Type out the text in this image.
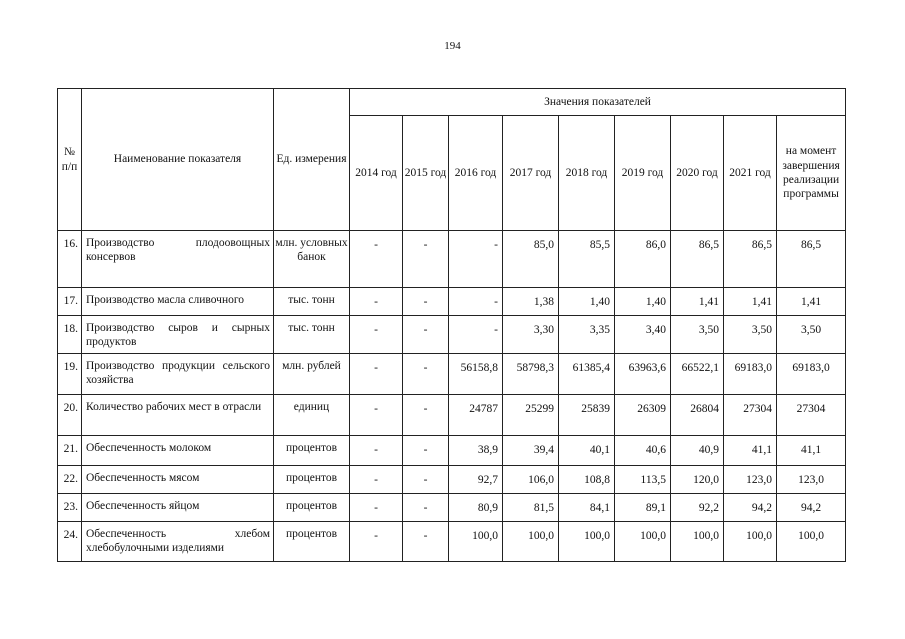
194
№ п/п	Наименование показателя	Ед. измерения	Значения показателей								
			2014 год	2015 год	2016 год	2017 год	2018 год	2019 год	2020 год	2021 год	на момент завершения реализации программы
16.	Производство плодоовощных консервов	млн. условных банок	-	-	-	85,0	85,5	86,0	86,5	86,5	86,5
17.	Производство масла сливочного	тыс. тонн	-	-	-	1,38	1,40	1,40	1,41	1,41	1,41
18.	Производство сыров и сырных продуктов	тыс. тонн	-	-	-	3,30	3,35	3,40	3,50	3,50	3,50
19.	Производство продукции сельского хозяйства	млн. рублей	-	-	56158,8	58798,3	61385,4	63963,6	66522,1	69183,0	69183,0
20.	Количество рабочих мест в отрасли	единиц	-	-	24787	25299	25839	26309	26804	27304	27304
21.	Обеспеченность молоком	процентов	-	-	38,9	39,4	40,1	40,6	40,9	41,1	41,1
22.	Обеспеченность мясом	процентов	-	-	92,7	106,0	108,8	113,5	120,0	123,0	123,0
23.	Обеспеченность яйцом	процентов	-	-	80,9	81,5	84,1	89,1	92,2	94,2	94,2
24.	Обеспеченность хлебом хлебобулочными изделиями	процентов	-	-	100,0	100,0	100,0	100,0	100,0	100,0	100,0
